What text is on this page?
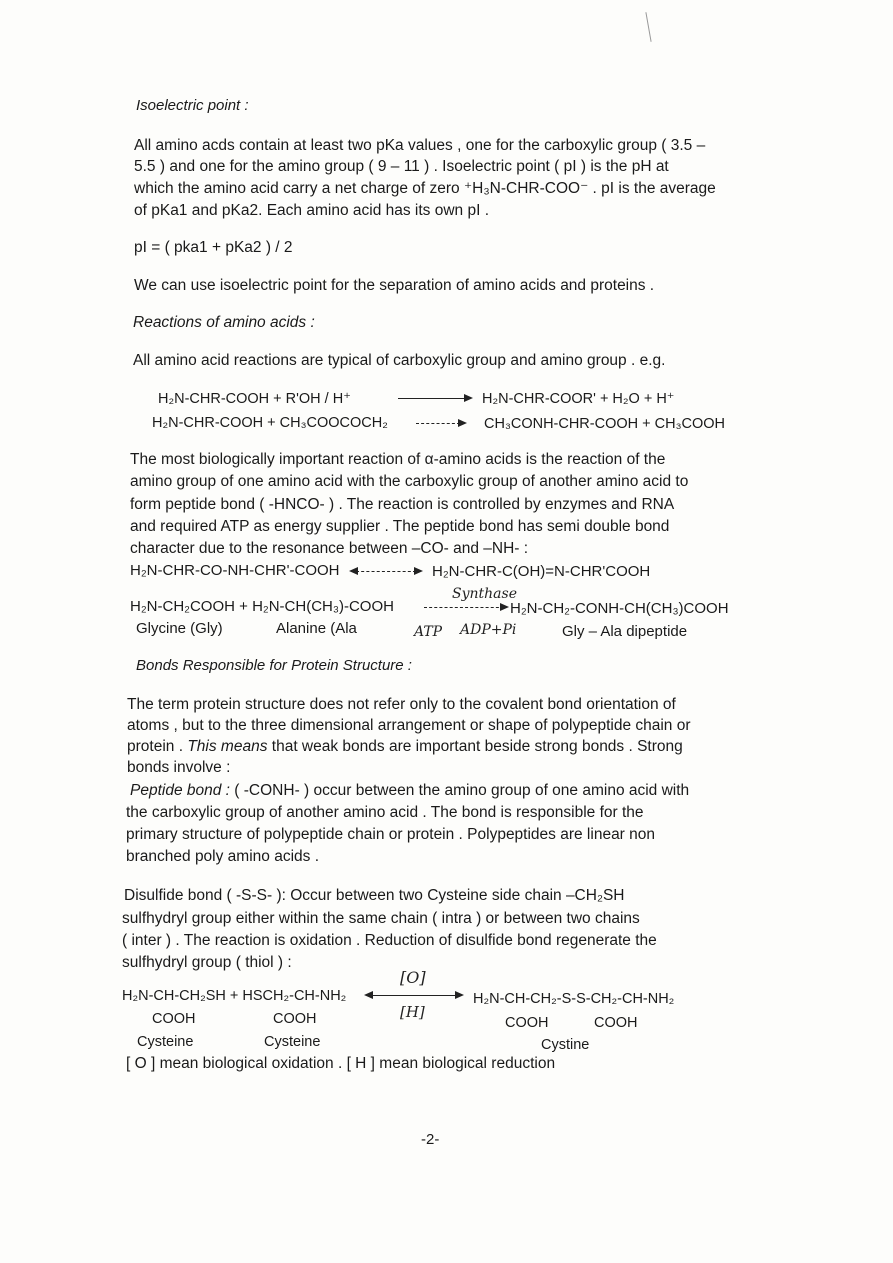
Isoelectric point :
All amino acds contain at least two pKa values , one for the carboxylic group ( 3.5 –
5.5 ) and one for the amino group ( 9 – 11 ) . Isoelectric point ( pI ) is the pH at
which the amino acid carry a net charge of zero ⁺H₃N-CHR-COO⁻ . pI is the average
of pKa1 and pKa2. Each amino acid has its own pI .
pI = ( pka1 + pKa2 ) / 2
We can use isoelectric point for the separation of amino acids and proteins .
Reactions of amino acids :
All amino acid reactions are typical of carboxylic group and amino group . e.g.
H₂N-CHR-COOH + R'OH / H⁺	H₂N-CHR-COOR' + H₂O + H⁺
H₂N-CHR-COOH + CH₃COOCOCH₂	CH₃CONH-CHR-COOH + CH₃COOH
The most biologically important reaction of α-amino acids is the reaction of the
amino group of one amino acid with the carboxylic group of another amino acid to
form peptide bond ( -HNCO- ) . The reaction is controlled by enzymes and RNA
and required ATP as energy supplier . The peptide bond has semi double bond
character due to the resonance between –CO- and –NH- :
H₂N-CHR-CO-NH-CHR'-COOH	H₂N-CHR-C(OH)=N-CHR'COOH
Synthase
H₂N-CH₂COOH + H₂N-CH(CH₃)-COOH	H₂N-CH₂-CONH-CH(CH₃)COOH
Glycine (Gly)	Alanine (Ala	ATP ADP+Pi	Gly – Ala dipeptide
Bonds Responsible for Protein Structure :
The term protein structure does not refer only to the covalent bond orientation of
atoms , but to the three dimensional arrangement or shape of polypeptide chain or
protein . This means that weak bonds are important beside strong bonds . Strong
bonds involve :
Peptide bond : ( -CONH- ) occur between the amino group of one amino acid with
the carboxylic group of another amino acid . The bond is responsible for the
primary structure of polypeptide chain or protein . Polypeptides are linear non
branched poly amino acids .
Disulfide bond ( -S-S- ): Occur between two Cysteine side chain –CH₂SH
sulfhydryl group either within the same chain ( intra ) or between two chains
( inter ) . The reaction is oxidation . Reduction of disulfide bond regenerate the
sulfhydryl group ( thiol ) :
[O]
H₂N-CH-CH₂SH + HSCH₂-CH-NH₂
[H]
H₂N-CH-CH₂-S-S-CH₂-CH-NH₂
COOH	COOH	COOH	COOH
Cysteine	Cysteine	Cystine
[ O ] mean biological oxidation . [ H ] mean biological reduction
-2-
